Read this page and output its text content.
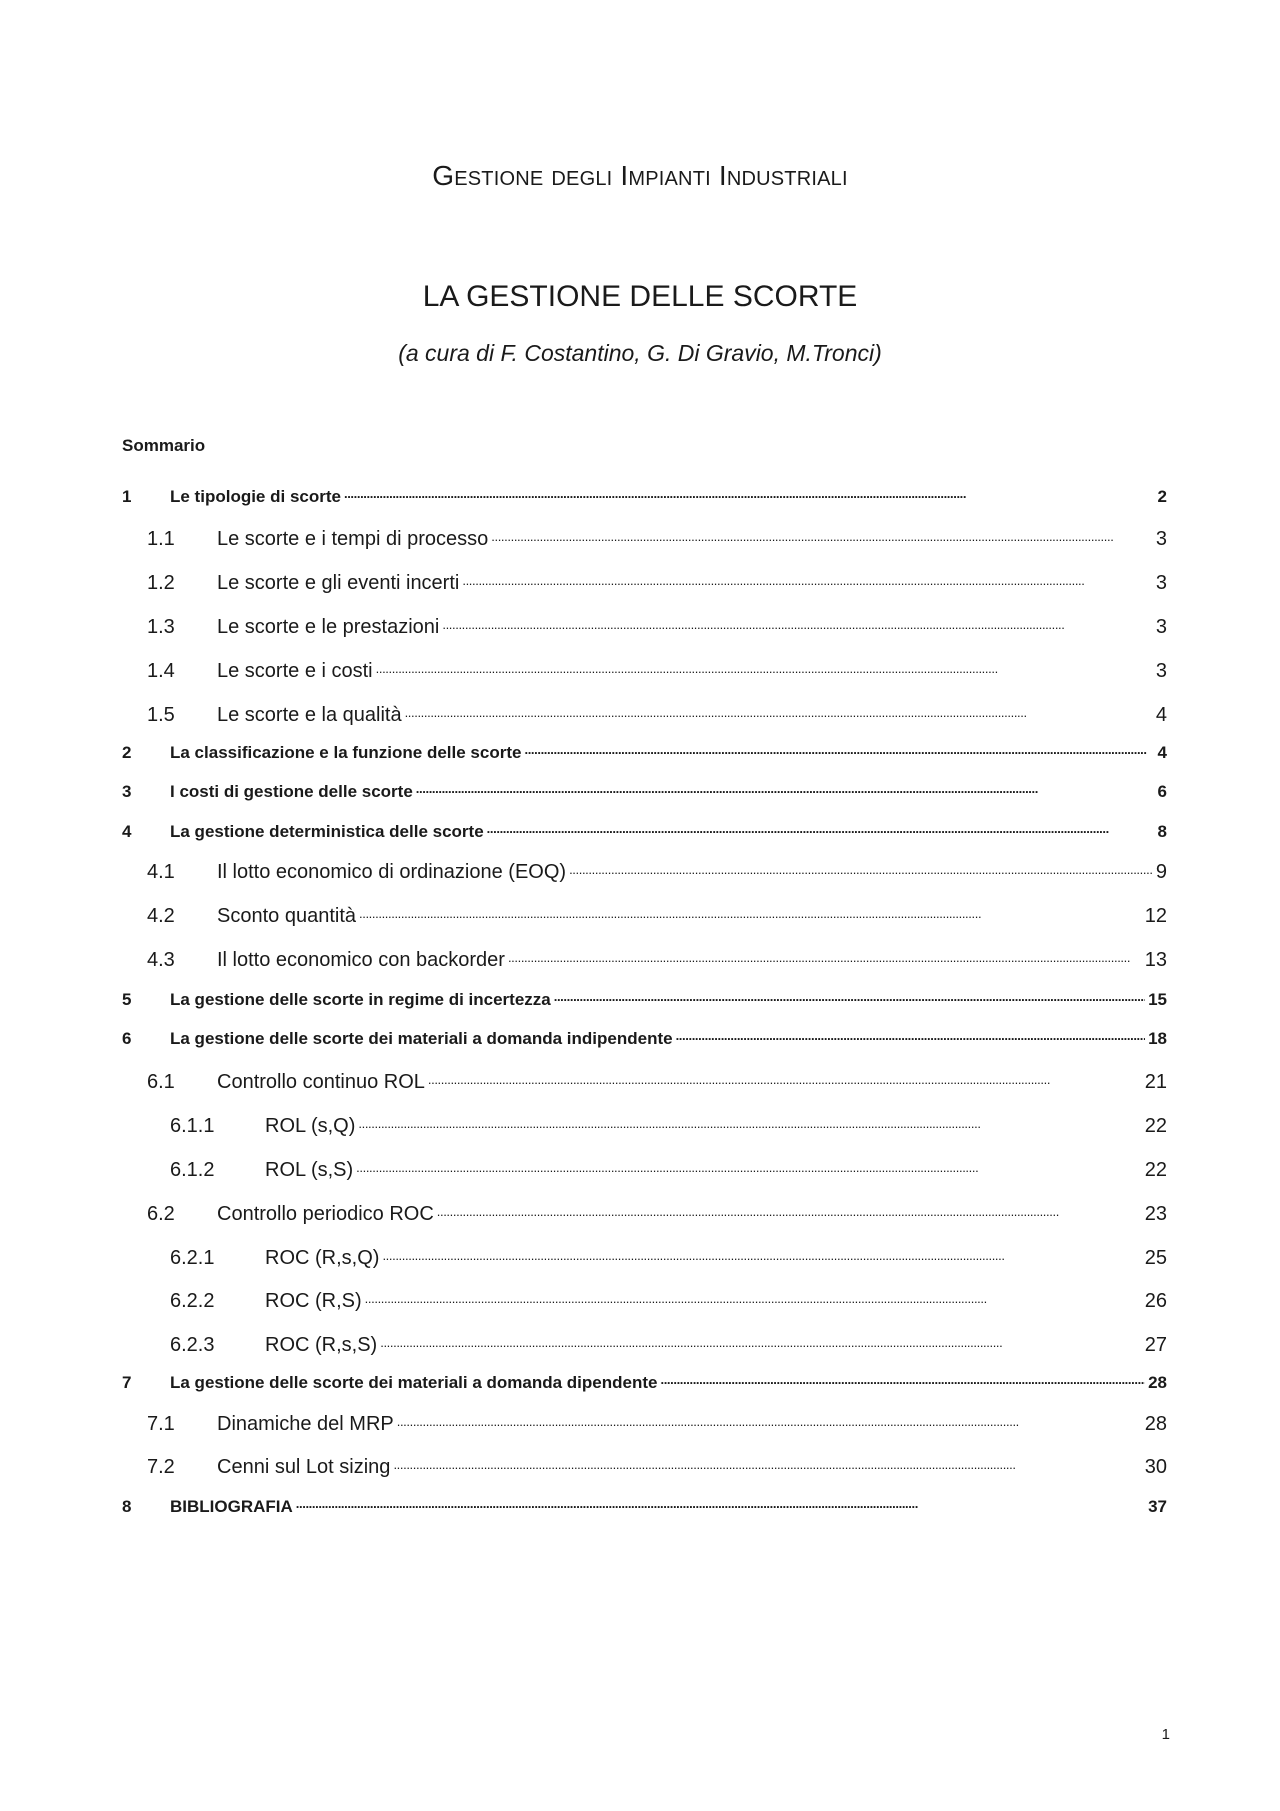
Gestione degli Impianti Industriali
LA GESTIONE DELLE SCORTE
(a cura di F. Costantino, G. Di Gravio, M.Tronci)
Sommario
1	Le tipologie di scorte . . .	2
1.1	Le scorte e i tempi di processo . . .	3
1.2	Le scorte e gli eventi incerti . . .	3
1.3	Le scorte e le prestazioni . . .	3
1.4	Le scorte e i costi . . .	3
1.5	Le scorte e la qualità . . .	4
2	La classificazione e la funzione delle scorte . . .	4
3	I costi di gestione delle scorte . . .	6
4	La gestione deterministica delle scorte . . .	8
4.1	Il lotto economico di ordinazione (EOQ) . . .	9
4.2	Sconto quantità . . .	12
4.3	Il lotto economico con backorder . . .	13
5	La gestione delle scorte in regime di incertezza . . .	15
6	La gestione delle scorte dei materiali a domanda indipendente . . .	18
6.1	Controllo continuo ROL . . .	21
6.1.1	ROL (s,Q) . . .	22
6.1.2	ROL (s,S) . . .	22
6.2	Controllo periodico ROC . . .	23
6.2.1	ROC (R,s,Q) . . .	25
6.2.2	ROC (R,S) . . .	26
6.2.3	ROC (R,s,S) . . .	27
7	La gestione delle scorte dei materiali a domanda dipendente . . .	28
7.1	Dinamiche del MRP . . .	28
7.2	Cenni sul Lot sizing . . .	30
8	BIBLIOGRAFIA . . .	37
1
